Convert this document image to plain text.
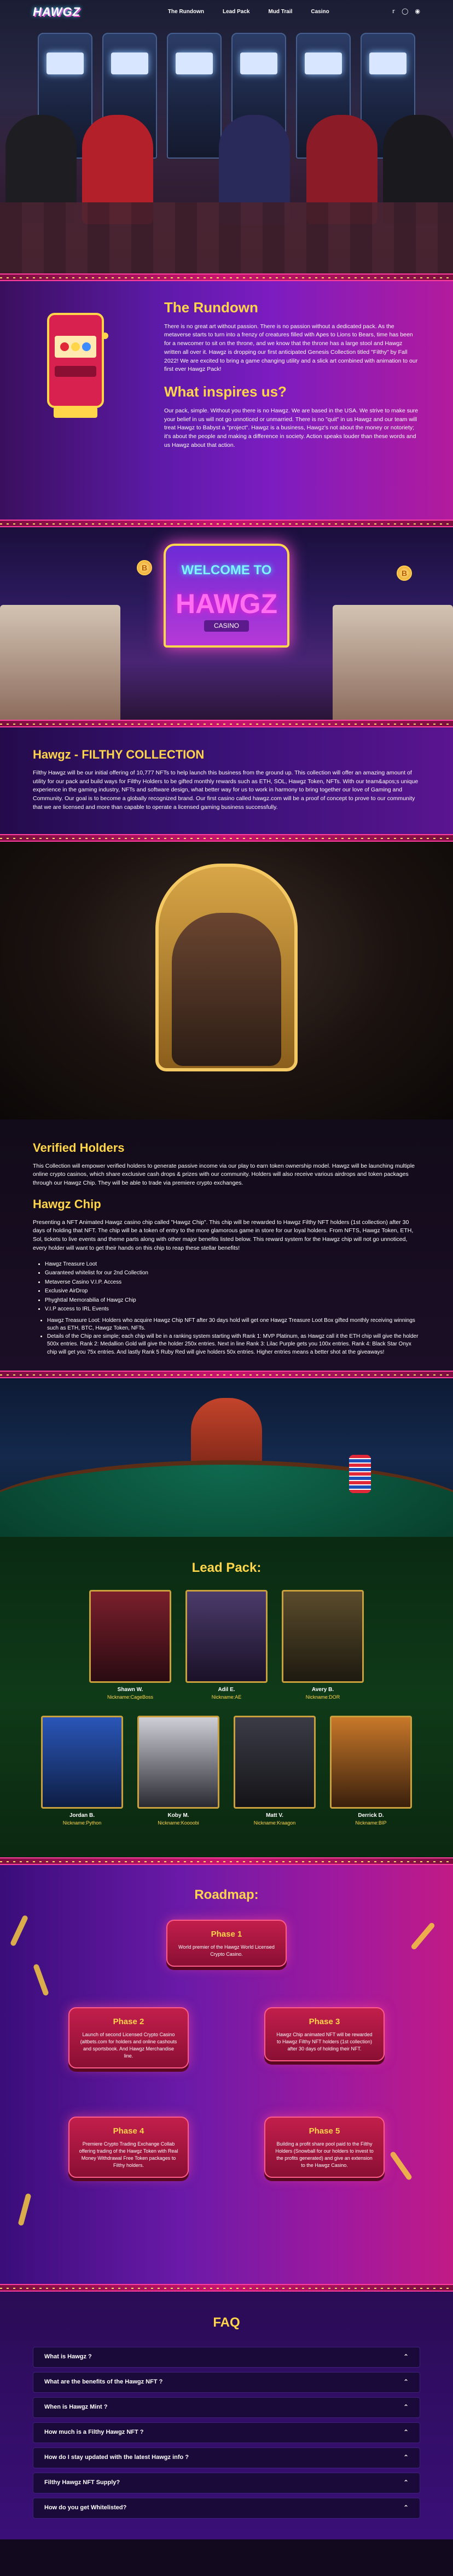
HAWGZ	The Rundown	Lead Pack	Mud Trail	Casino	𝕣 ◯ ◉
The Rundown

There is no great art without passion. There is no passion without a dedicated pack. As the metaverse starts to turn into a frenzy of creatures filled with Apes to Lions to Bears, time has been for a newcomer to sit on the throne, and we know that the throne has a large stool and Hawgz written all over it. Hawgz is dropping our first anticipated Genesis Collection titled "Filthy" by Fall 2022! We are excited to bring a game changing utility and a slick art combined with animation to our first ever Hawgz Pack!

What inspires us?

Our pack, simple. Without you there is no Hawgz. We are based in the USA. We strive to make sure your belief in us will not go unnoticed or unmarried. There is no "quit" in us Hawgz and our team will treat Hawgz to Babyst a "project". Hawgz is a business, Hawgz's not about the money or notoriety; it's about the people and making a difference in society. Action speaks louder than these words and us Hawgz about that action.

B
B
WELCOME TO
HAWGZ
CASINO
Hawgz - FILTHY COLLECTION

Filthy Hawgz will be our initial offering of 10,777 NFTs to help launch this business from the ground up. This collection will offer an amazing amount of utility for our pack and build ways for Filthy Holders to be gifted monthly rewards such as ETH, SOL, Hawgz Token, NFTs. With our team&apos;s unique experience in the gaming industry, NFTs and software design, what better way for us to work in harmony to bring together our love of Gaming and Community. Our goal is to become a globally recognized brand. Our first casino called hawgz.com will be a proof of concept to prove to our community that we are licensed and more than capable to operate a licensed gaming business successfully.

Verified Holders

This Collection will empower verified holders to generate passive income via our play to earn token ownership model. Hawgz will be launching multiple online crypto casinos, which share exclusive cash drops & prizes with our community. Holders will also receive various airdrops and token packages through our Hawgz Chip. They will be able to trade via premiere crypto exchanges.

Hawgz Chip

Presenting a NFT Animated Hawgz casino chip called "Hawgz Chip". This chip will be rewarded to Hawgz Filthy NFT holders (1st collection) after 30 days of holding that NFT. The chip will be a token of entry to the more glamorous game in store for our loyal holders. From NFTS, Hawgz Token, ETH, Sol, tickets to live events and theme parts along with other major benefits listed below. This reward system for the Hawgz chip will not go unnoticed, every holder will want to get their hands on this chip to reap these stellar benefits!

• Hawgz Treasure Loot
• Guaranteed whitelist for our 2nd Collection
• Metaverse Casino V.I.P. Access
• Exclusive AirDrop
• PhyghtIal Memorabilia of Hawgz Chip
• V.I.P access to IRL Events
• Hawgz Treasure Loot: Holders who acquire Hawgz Chip NFT after 30 days hold will get one Hawgz Treasure Loot Box gifted monthly receiving winnings such as ETH, BTC, Hawgz Token, NFTs.
• Details of the Chip are simple; each chip will be in a ranking system starting with Rank 1: MVP Platinum, as Hawgz call it the ETH chip will give the holder 500x entries. Rank 2: Medallion Gold will give the holder 250x entries. Next in line Rank 3: Lilac Purple gets you 100x entries. Rank 4: Black Star Onyx chip will get you 75x entries. And lastly Rank 5 Ruby Red will give holders 50x entries. Higher entries means a better shot at the giveaways!
Lead Pack:
Shawn W.
Nickname:CageBoss
Adil E.
Nickname:AE
Avery B.
Nickname:DOR
Jordan B.
Nickname:Python
Koby M.
Nickname:Koooobi
Matt V.
Nickname:Kraagon
Derrick D.
Nickname:BIP
Roadmap:
Phase 1
World premier of the Hawgz World Licensed Crypto Casino.
Phase 2
Launch of second Licensed Crypto Casino (altbets.com for holders and online cashouts and sportsbook. And Hawgz Merchandise line.
Phase 3
Hawgz Chip animated NFT will be rewarded to Hawgz Filthy NFT holders (1st collection) after 30 days of holding their NFT.
Phase 4
Premiere Crypto Trading Exchange Collab offering trading of the Hawgz Token with Real Money Withdrawal Free Token packages to Filthy holders.
Phase 5
Building a profit share pool paid to the Filthy Holders (Snowball for our holders to invest to the profits generated) and give an extension to the Hawgz Casino.
FAQ
What is Hawgz ?	⌃
What are the benefits of the Hawgz NFT ?	⌃
When is Hawgz Mint ?	⌃
How much is a Filthy Hawgz NFT ?	⌃
How do I stay updated with the latest Hawgz info ?	⌃
Filthy Hawgz NFT Supply?	⌃
How do you get Whitelisted?	⌃
